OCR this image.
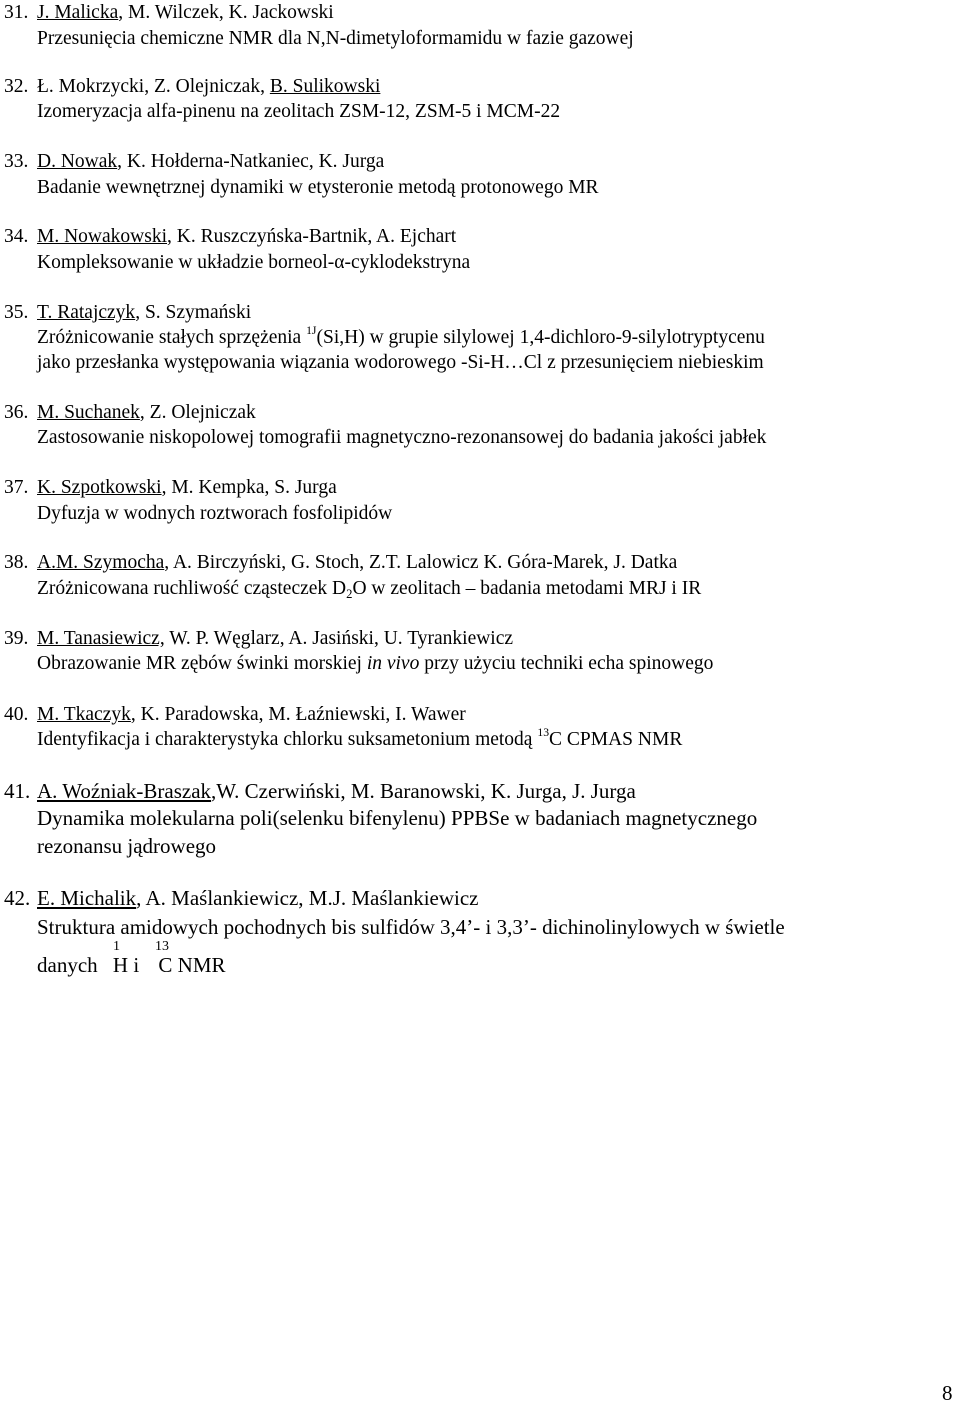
31. J. Malicka, M. Wilczek, K. Jackowski
Przesunięcia chemiczne NMR dla N,N-dimetyloformamidu w fazie gazowej
32. Ł. Mokrzycki, Z. Olejniczak, B. Sulikowski
Izomeryzacja alfa-pinenu na zeolitach ZSM-12, ZSM-5 i MCM-22
33. D. Nowak, K. Hołderna-Natkaniec, K. Jurga
Badanie wewnętrznej dynamiki w etysteronie metodą protonowego MR
34. M. Nowakowski, K. Ruszczyńska-Bartnik, A. Ejchart
Kompleksowanie w układzie borneol-α-cyklodekstryna
35. T. Ratajczyk, S. Szymański
Zróżnicowanie stałych sprzężenia $^{1J}$(Si,H) w grupie silylowej 1,4-dichloro-9-silylotryptycenu
jako przesłanka występowania wiązania wodorowego -Si-H…Cl z przesunięciem niebieskim
36. M. Suchanek, Z. Olejniczak
Zastosowanie niskopolowej tomografii magnetyczno-rezonansowej do badania jakości jabłek
37. K. Szpotkowski, M. Kempka, S. Jurga
Dyfuzja w wodnych roztworach fosfolipidów
38. A.M. Szymocha, A. Birczyński, G. Stoch, Z.T. Lalowicz K. Góra-Marek, J. Datka
Zróżnicowana ruchliwość cząsteczek D2O w zeolitach – badania metodami MRJ i IR
39. M. Tanasiewicz, W. P. Węglarz, A. Jasiński, U. Tyrankiewicz
Obrazowanie MR zębów świnki morskiej in vivo przy użyciu techniki echa spinowego
40. M. Tkaczyk, K. Paradowska, M. Łaźniewski, I. Wawer
Identyfikacja i charakterystyka chlorku suksametonium metodą $^{13}$C CPMAS NMR
41. A. Woźniak-Braszak,W. Czerwiński, M. Baranowski, K. Jurga, J. Jurga
Dynamika molekularna poli(selenku bifenylenu) PPBSe w badaniach magnetycznego
rezonansu jądrowego
42. E. Michalik, A. Maślankiewicz, M.J. Maślankiewicz
Struktura amidowych pochodnych bis sulfidów 3,4’- i 3,3’- dichinolinylowych w świetle
danych
1
H i
13
C NMR
8
